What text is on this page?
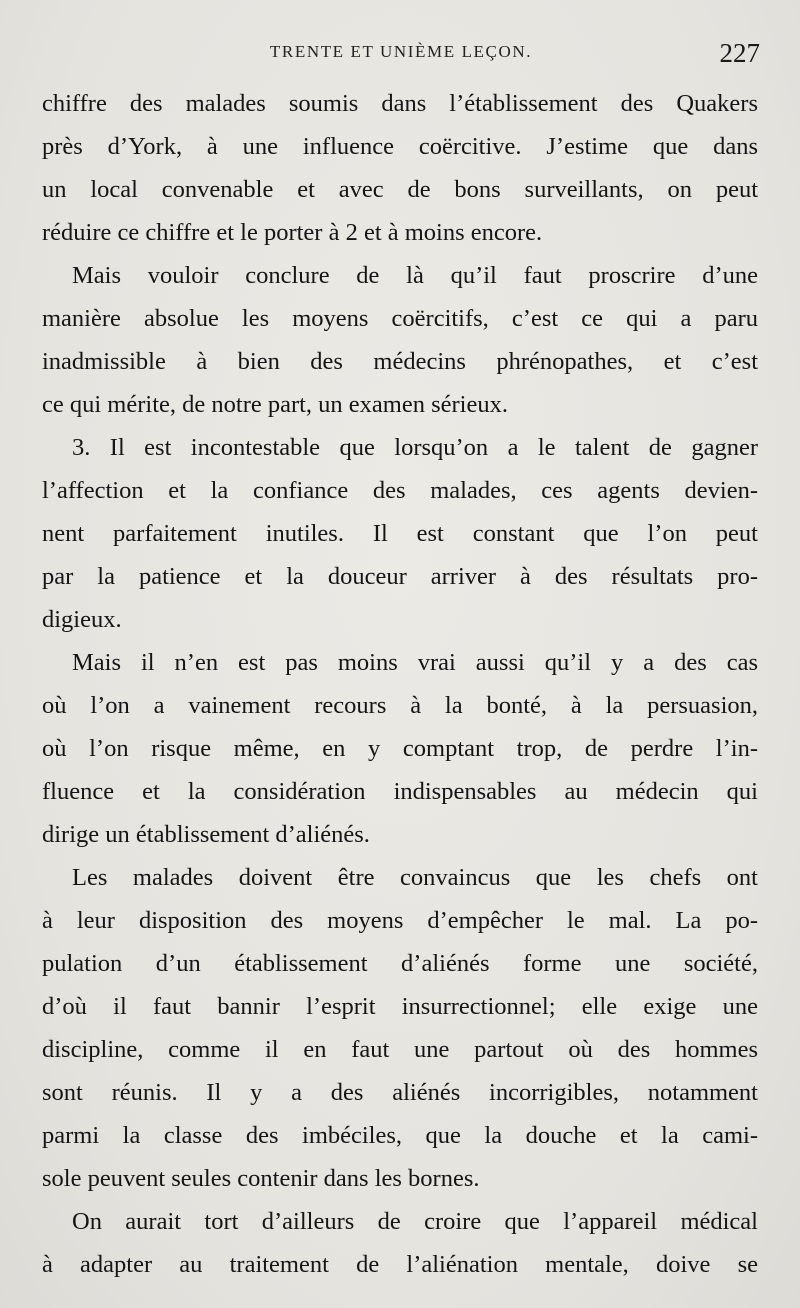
TRENTE ET UNIÈME LEÇON.	227
chiffre des malades soumis dans l’établissement des Quakers
près d’York, à une influence coërcitive. J’estime que dans
un local convenable et avec de bons surveillants, on peut
réduire ce chiffre et le porter à 2 et à moins encore.
Mais vouloir conclure de là qu’il faut proscrire d’une
manière absolue les moyens coërcitifs, c’est ce qui a paru
inadmissible à bien des médecins phrénopathes, et c’est
ce qui mérite, de notre part, un examen sérieux.
3. Il est incontestable que lorsqu’on a le talent de gagner
l’affection et la confiance des malades, ces agents devien-
nent parfaitement inutiles. Il est constant que l’on peut
par la patience et la douceur arriver à des résultats pro-
digieux.
Mais il n’en est pas moins vrai aussi qu’il y a des cas
où l’on a vainement recours à la bonté, à la persuasion,
où l’on risque même, en y comptant trop, de perdre l’in-
fluence et la considération indispensables au médecin qui
dirige un établissement d’aliénés.
Les malades doivent être convaincus que les chefs ont
à leur disposition des moyens d’empêcher le mal. La po-
pulation d’un établissement d’aliénés forme une société,
d’où il faut bannir l’esprit insurrectionnel; elle exige une
discipline, comme il en faut une partout où des hommes
sont réunis. Il y a des aliénés incorrigibles, notamment
parmi la classe des imbéciles, que la douche et la cami-
sole peuvent seules contenir dans les bornes.
On aurait tort d’ailleurs de croire que l’appareil médical
à adapter au traitement de l’aliénation mentale, doive se
